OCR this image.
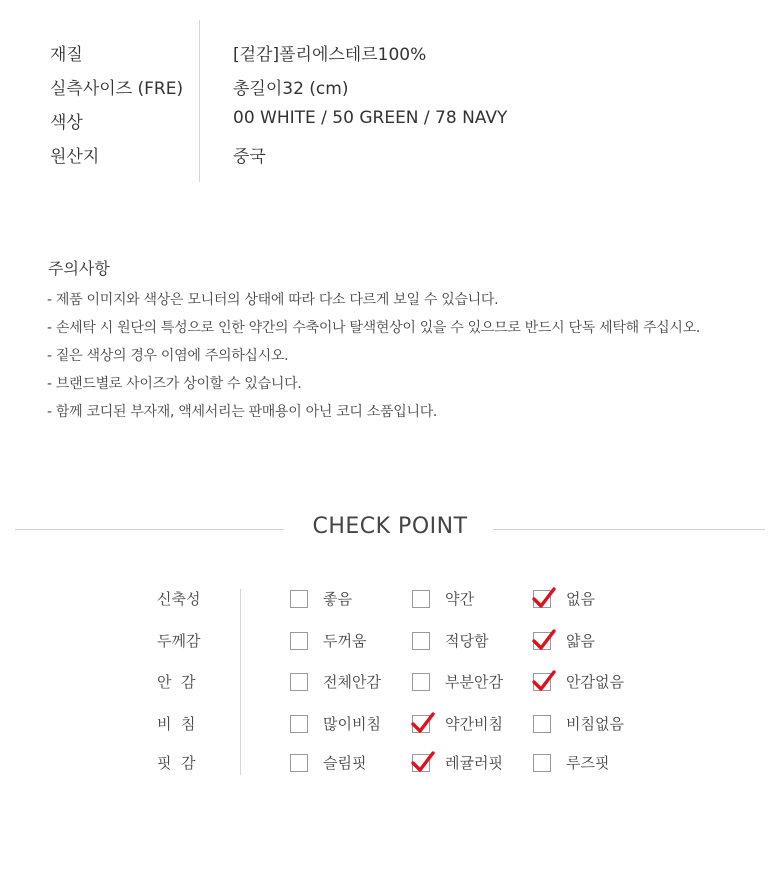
재질	[겉감]폴리에스테르100%
실측사이즈 (FRE)	총길이32 (cm)
색상	00 WHITE / 50 GREEN / 78 NAVY
원산지	중국
주의사항
- 제품 이미지와 색상은 모니터의 상태에 따라 다소 다르게 보일 수 있습니다.
- 손세탁 시 원단의 특성으로 인한 약간의 수축이나 탈색현상이 있을 수 있으므로 반드시 단독 세탁해 주십시오.
- 짙은 색상의 경우 이염에 주의하십시오.
- 브랜드별로 사이즈가 상이할 수 있습니다.
- 함께 코디된 부자재, 액세서리는 판매용이 아닌 코디 소품입니다.
CHECK POINT
신축성	좋음	약간	없음
두께감	두꺼움	적당함	얇음
안  감	전체안감	부분안감	안감없음
비  침	많이비침	약간비침	비침없음
핏  감	슬림핏	레귤러핏	루즈핏
